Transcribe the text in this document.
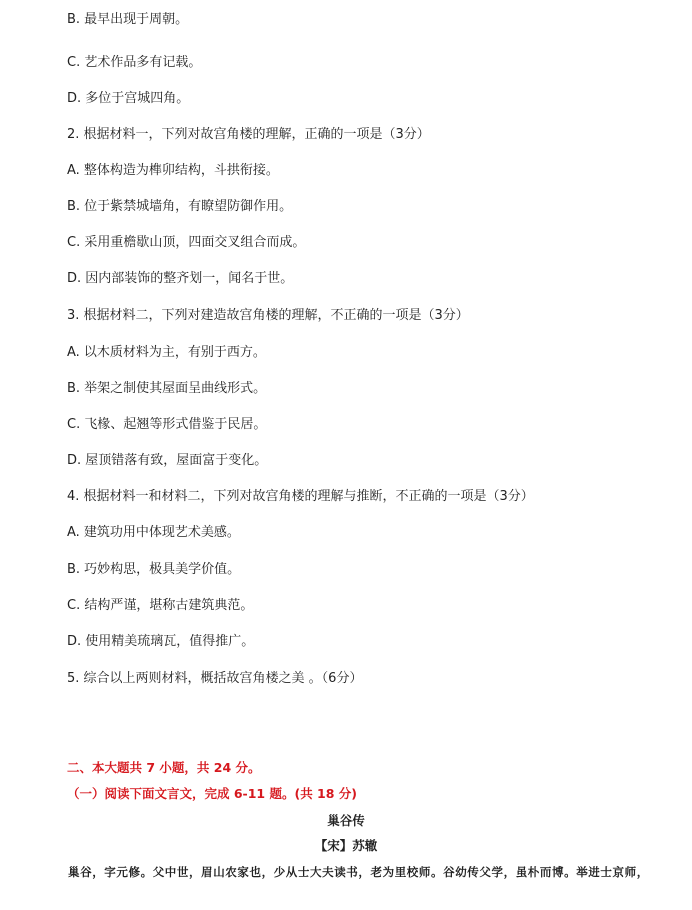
B. 最早出现于周朝。
C. 艺术作品多有记载。
D. 多位于宫城四角。
2. 根据材料一，下列对故宫角楼的理解，正确的一项是（3分）
A. 整体构造为榫卯结构，斗拱衔接。
B. 位于紫禁城墙角，有瞭望防御作用。
C. 采用重檐歇山顶，四面交叉组合而成。
D. 因内部装饰的整齐划一，闻名于世。
3. 根据材料二，下列对建造故宫角楼的理解，不正确的一项是（3分）
A. 以木质材料为主，有别于西方。
B. 举架之制使其屋面呈曲线形式。
C. 飞椽、起翘等形式借鉴于民居。
D. 屋顶错落有致，屋面富于变化。
4. 根据材料一和材料二，下列对故宫角楼的理解与推断，不正确的一项是（3分）
A. 建筑功用中体现艺术美感。
B. 巧妙构思，极具美学价值。
C. 结构严谨，堪称古建筑典范。
D. 使用精美琉璃瓦，值得推广。
5. 综合以上两则材料，概括故宫角楼之美 。（6分）
二、本大题共 7 小题，共 24 分。
（一）阅读下面文言文，完成 6-11 题。(共 18 分)
巢谷传
【宋】苏辙
巢谷，字元修。父中世，眉山农家也，少从士大夫读书，老为里校师。谷幼传父学，虽朴而博。举进士京师，
